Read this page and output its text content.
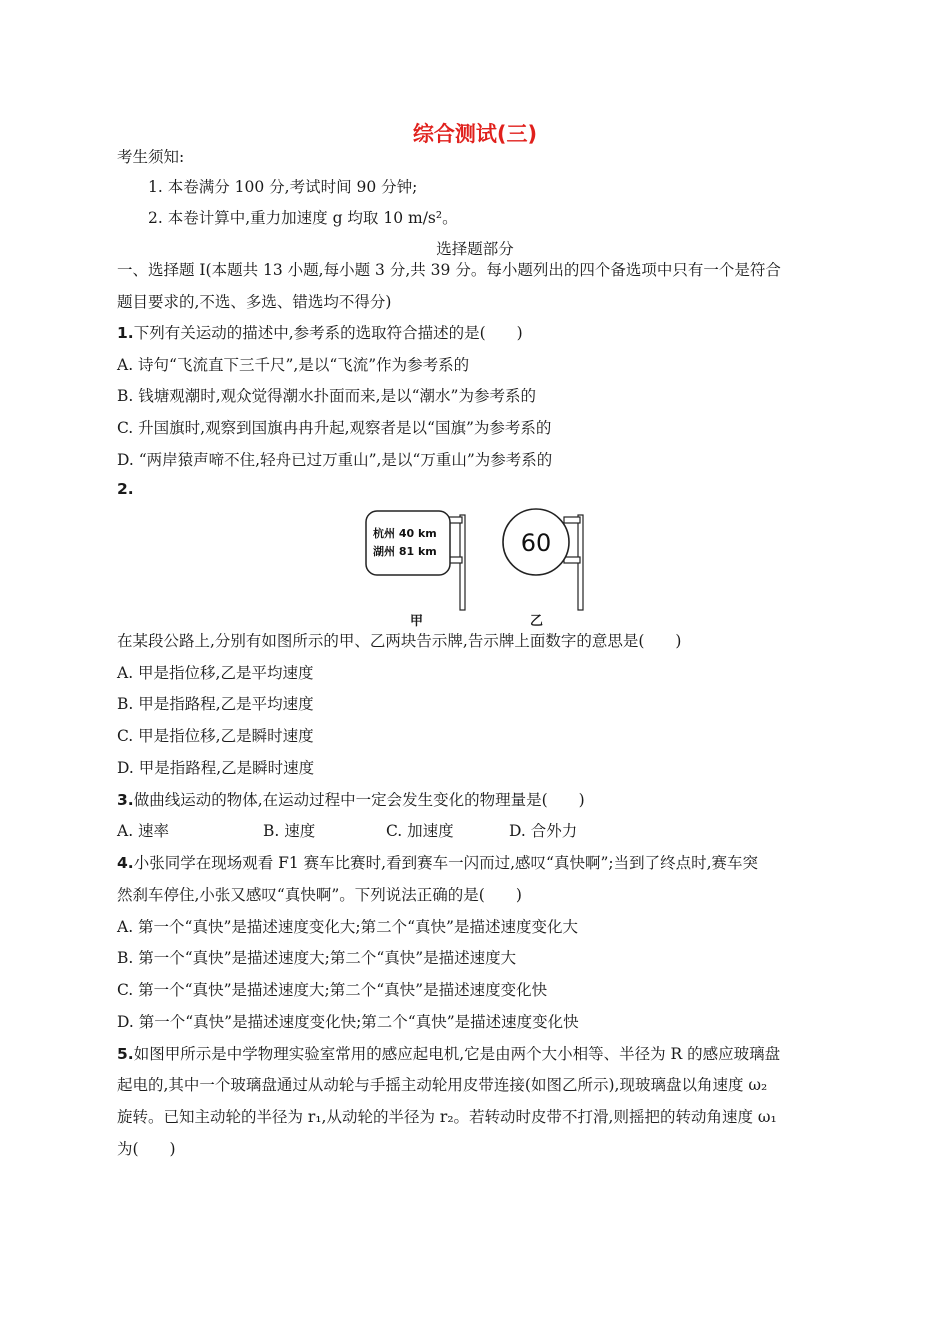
综合测试(三)
考生须知:
1. 本卷满分 100 分,考试时间 90 分钟;
2. 本卷计算中,重力加速度 g 均取 10 m/s²。
选择题部分
一、选择题 Ⅰ(本题共 13 小题,每小题 3 分,共 39 分。每小题列出的四个备选项中只有一个是符合
题目要求的,不选、多选、错选均不得分)
1.下列有关运动的描述中,参考系的选取符合描述的是(　　)
A. 诗句“飞流直下三千尺”,是以“飞流”作为参考系的
B. 钱塘观潮时,观众觉得潮水扑面而来,是以“潮水”为参考系的
C. 升国旗时,观察到国旗冉冉升起,观察者是以“国旗”为参考系的
D. “两岸猿声啼不住,轻舟已过万重山”,是以“万重山”为参考系的
2.
杭州 40 km
湖州 81 km	60
甲	乙
在某段公路上,分别有如图所示的甲、乙两块告示牌,告示牌上面数字的意思是(　　)
A. 甲是指位移,乙是平均速度
B. 甲是指路程,乙是平均速度
C. 甲是指位移,乙是瞬时速度
D. 甲是指路程,乙是瞬时速度
3.做曲线运动的物体,在运动过程中一定会发生变化的物理量是(　　)
A. 速率	B. 速度	C. 加速度	D. 合外力
4.小张同学在现场观看 F1 赛车比赛时,看到赛车一闪而过,感叹“真快啊”;当到了终点时,赛车突
然刹车停住,小张又感叹“真快啊”。下列说法正确的是(　　)
A. 第一个“真快”是描述速度变化大;第二个“真快”是描述速度变化大
B. 第一个“真快”是描述速度大;第二个“真快”是描述速度大
C. 第一个“真快”是描述速度大;第二个“真快”是描述速度变化快
D. 第一个“真快”是描述速度变化快;第二个“真快”是描述速度变化快
5.如图甲所示是中学物理实验室常用的感应起电机,它是由两个大小相等、半径为 R 的感应玻璃盘
起电的,其中一个玻璃盘通过从动轮与手摇主动轮用皮带连接(如图乙所示),现玻璃盘以角速度 ω₂
旋转。已知主动轮的半径为 r₁,从动轮的半径为 r₂。若转动时皮带不打滑,则摇把的转动角速度 ω₁
为(　　)
